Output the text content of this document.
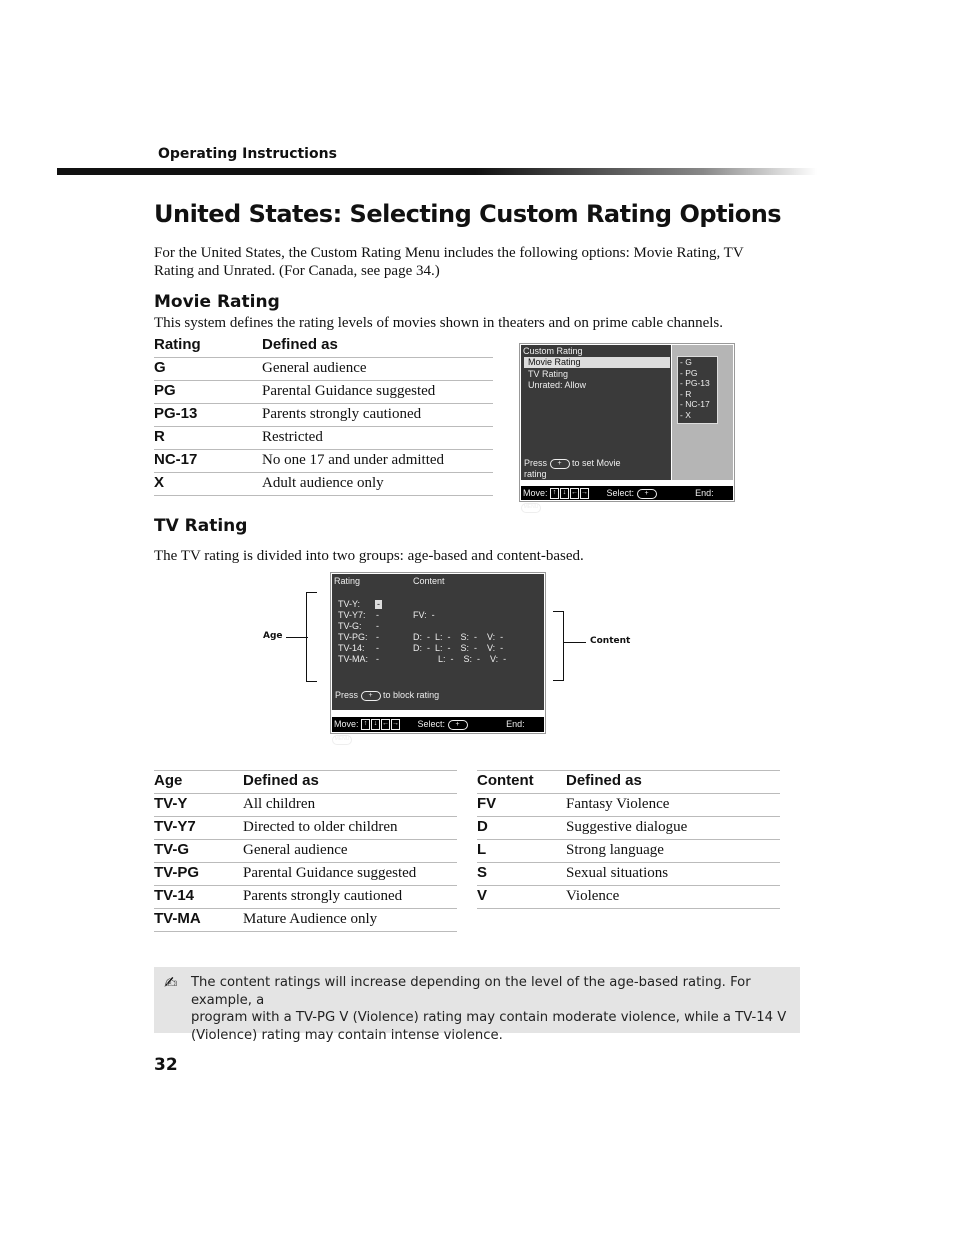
Operating Instructions
United States: Selecting Custom Rating Options
For the United States, the Custom Rating Menu includes the following options: Movie Rating, TV
Rating and Unrated. (For Canada, see page 34.)
Movie Rating
This system defines the rating levels of movies shown in theaters and on prime cable channels.
Rating	Defined as
G	General audience
PG	Parental Guidance suggested
PG-13	Parents strongly cautioned
R	Restricted
NC-17	No one 17 and under admitted
X	Adult audience only
Custom Rating
Movie Rating
TV Rating
Unrated: Allow
Press + to set Movie
rating
- G
- PG
- PG-13
- R
- NC-17
- X
Move: ↑ ↓ ← → Select: +	End: MENU
TV Rating
The TV rating is divided into two groups: age-based and content-based.
Age	Content
Rating	Content
TV-Y: -
TV-Y7: -	FV:  -
TV-G: -
TV-PG: -	D:  -  L:  -    S:  -    V:  -
TV-14: -	D:  -  L:  -    S:  -    V:  -
TV-MA: -	L:  -    S:  -    V:  -
Press + to block rating
Move: ↑ ↓ ← → Select: +	End: MENU
Age	Defined as
TV-Y	All children
TV-Y7	Directed to older children
TV-G	General audience
TV-PG	Parental Guidance suggested
TV-14	Parents strongly cautioned
TV-MA	Mature Audience only
Content	Defined as
FV	Fantasy Violence
D	Suggestive dialogue
L	Strong language
S	Sexual situations
V	Violence
✍ The content ratings will increase depending on the level of the age-based rating. For example, a
program with a TV-PG V (Violence) rating may contain moderate violence, while a TV-14 V
(Violence) rating may contain intense violence.
32
